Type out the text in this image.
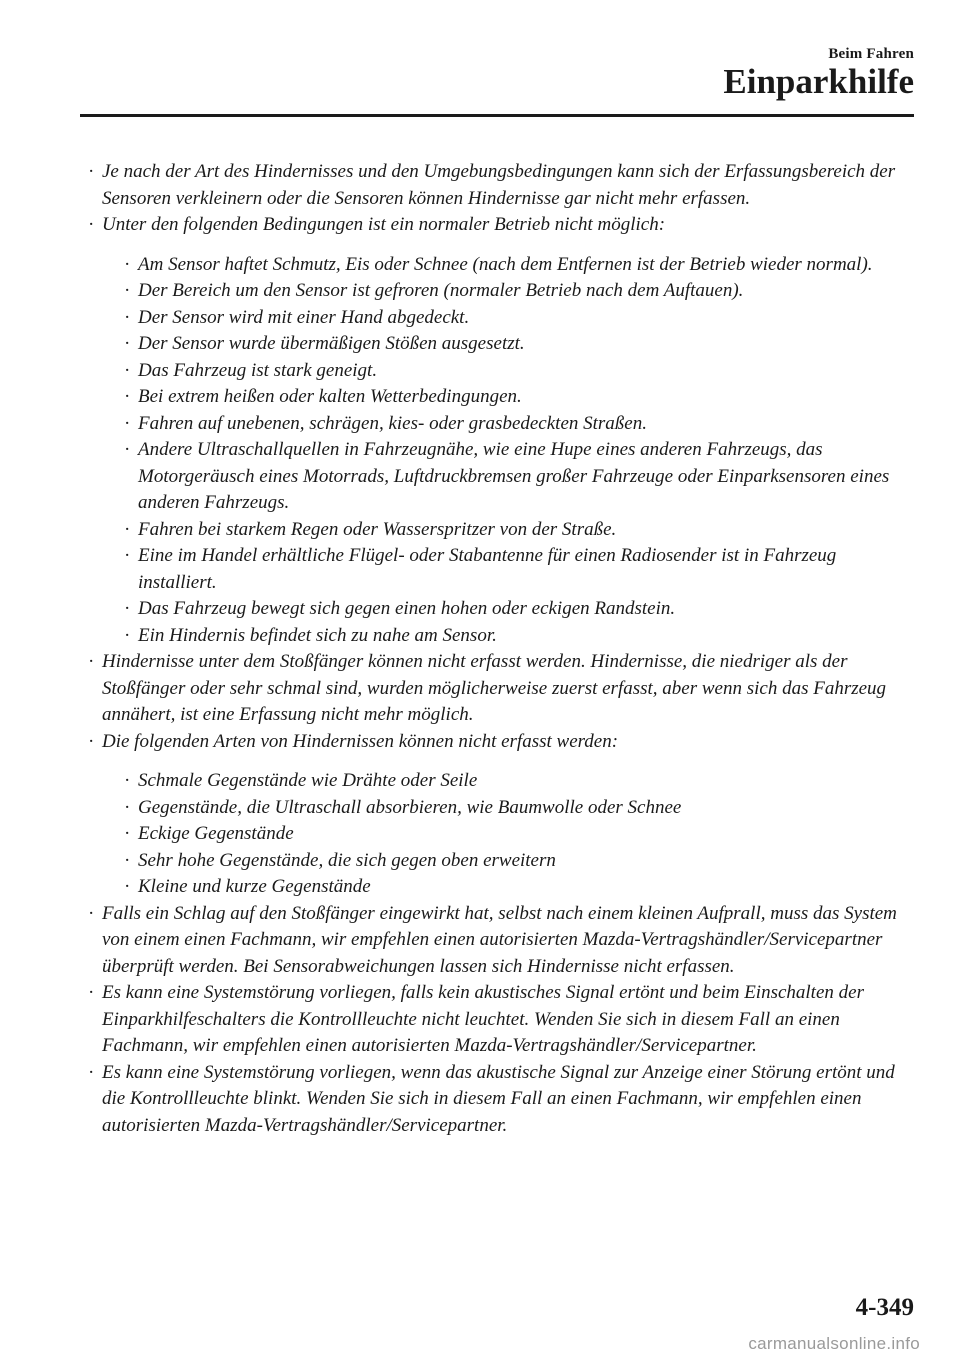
Beim Fahren
Einparkhilfe
· Je nach der Art des Hindernisses und den Umgebungsbedingungen kann sich der Erfassungsbereich der Sensoren verkleinern oder die Sensoren können Hindernisse gar nicht mehr erfassen.
· Unter den folgenden Bedingungen ist ein normaler Betrieb nicht möglich:
· Am Sensor haftet Schmutz, Eis oder Schnee (nach dem Entfernen ist der Betrieb wieder normal).
· Der Bereich um den Sensor ist gefroren (normaler Betrieb nach dem Auftauen).
· Der Sensor wird mit einer Hand abgedeckt.
· Der Sensor wurde übermäßigen Stößen ausgesetzt.
· Das Fahrzeug ist stark geneigt.
· Bei extrem heißen oder kalten Wetterbedingungen.
· Fahren auf unebenen, schrägen, kies- oder grasbedeckten Straßen.
· Andere Ultraschallquellen in Fahrzeugnähe, wie eine Hupe eines anderen Fahrzeugs, das Motorgeräusch eines Motorrads, Luftdruckbremsen großer Fahrzeuge oder Einparksensoren eines anderen Fahrzeugs.
· Fahren bei starkem Regen oder Wasserspritzer von der Straße.
· Eine im Handel erhältliche Flügel- oder Stabantenne für einen Radiosender ist in Fahrzeug installiert.
· Das Fahrzeug bewegt sich gegen einen hohen oder eckigen Randstein.
· Ein Hindernis befindet sich zu nahe am Sensor.
· Hindernisse unter dem Stoßfänger können nicht erfasst werden. Hindernisse, die niedriger als der Stoßfänger oder sehr schmal sind, wurden möglicherweise zuerst erfasst, aber wenn sich das Fahrzeug annähert, ist eine Erfassung nicht mehr möglich.
· Die folgenden Arten von Hindernissen können nicht erfasst werden:
· Schmale Gegenstände wie Drähte oder Seile
· Gegenstände, die Ultraschall absorbieren, wie Baumwolle oder Schnee
· Eckige Gegenstände
· Sehr hohe Gegenstände, die sich gegen oben erweitern
· Kleine und kurze Gegenstände
· Falls ein Schlag auf den Stoßfänger eingewirkt hat, selbst nach einem kleinen Aufprall, muss das System von einem einen Fachmann, wir empfehlen einen autorisierten Mazda-Vertragshändler/Servicepartner überprüft werden. Bei Sensorabweichungen lassen sich Hindernisse nicht erfassen.
· Es kann eine Systemstörung vorliegen, falls kein akustisches Signal ertönt und beim Einschalten der Einparkhilfeschalters die Kontrollleuchte nicht leuchtet. Wenden Sie sich in diesem Fall an einen Fachmann, wir empfehlen einen autorisierten Mazda-Vertragshändler/Servicepartner.
· Es kann eine Systemstörung vorliegen, wenn das akustische Signal zur Anzeige einer Störung ertönt und die Kontrollleuchte blinkt. Wenden Sie sich in diesem Fall an einen Fachmann, wir empfehlen einen autorisierten Mazda-Vertragshändler/Servicepartner.
4-349
carmanualsonline.info
